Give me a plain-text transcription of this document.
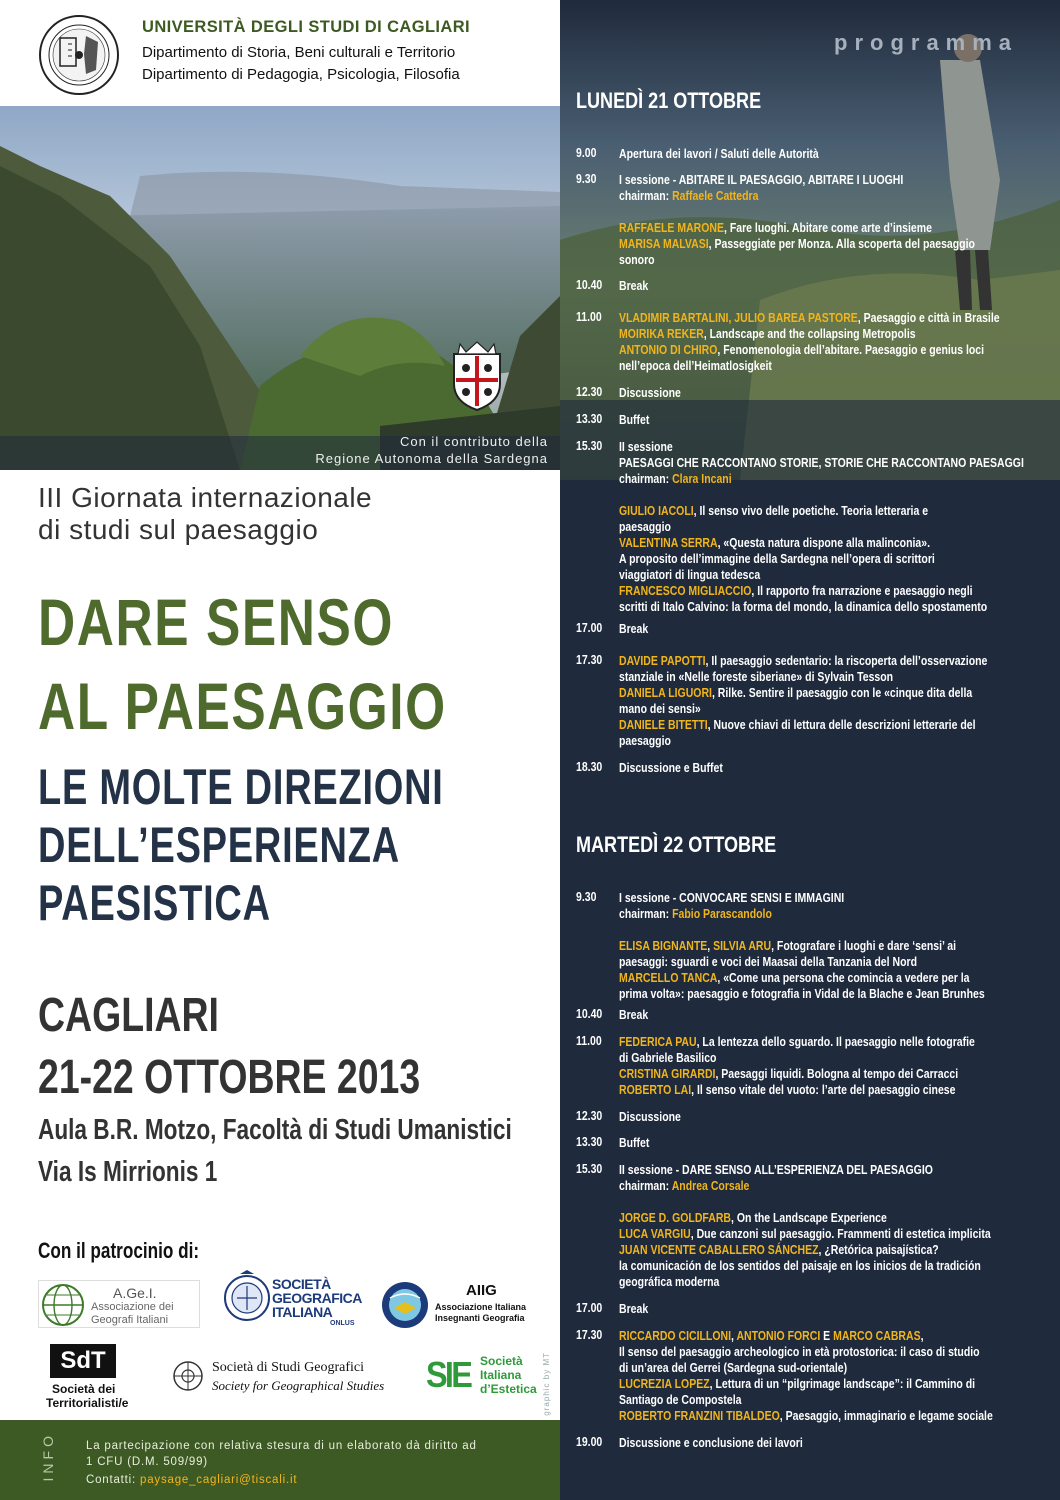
UNIVERSITÀ DEGLI STUDI DI CAGLIARI
Dipartimento di Storia, Beni culturali e Territorio
Dipartimento di Pedagogia, Psicologia, Filosofia
Con il contributo della
Regione Autonoma della Sardegna
III Giornata internazionale
di studi sul paesaggio
DARE SENSO
AL PAESAGGIO
LE MOLTE DIREZIONI
DELL’ESPERIENZA
PAESISTICA
CAGLIARI
21-22 OTTOBRE 2013
Aula B.R. Motzo, Facoltà di Studi Umanistici
Via Is Mirrionis 1
Con il patrocinio di:
A.Ge.I.
Associazione dei
Geografi Italiani
SOCIETÀ
GEOGRAFICA
ITALIANA
ONLUS
AIIG
Associazione Italiana
Insegnanti Geografia
SdT
Società dei
Territorialisti/e
Società di Studi Geografici
Society for Geographical Studies SIE Società
Italiana
d’Estetica
INFO	La partecipazione con relativa stesura di un elaborato dà diritto ad
1 CFU (D.M. 509/99)
Contatti: paysage_cagliari@tiscali.it
graphic by MT
programma
LUNEDÌ 21 OTTOBRE
MARTEDÌ 22 OTTOBRE
9.00 Apertura dei lavori / Saluti delle Autorità

9.30 I sessione - ABITARE IL PAESAGGIO, ABITARE I LUOGHI

chairman: Raffaele Cattedra

RAFFAELE MARONE, Fare luoghi. Abitare come arte d’insieme

MARISA MALVASI, Passeggiate per Monza. Alla scoperta del paesaggio

sonoro

10.40 Break

11.00 VLADIMIR BARTALINI, JULIO BAREA PASTORE, Paesaggio e città in Brasile

MOIRIKA REKER, Landscape and the collapsing Metropolis

ANTONIO DI CHIRO, Fenomenologia dell’abitare. Paesaggio e genius loci

nell’epoca dell’Heimatlosigkeit

12.30 Discussione

13.30 Buffet

15.30 II sessione

PAESAGGI CHE RACCONTANO STORIE, STORIE CHE RACCONTANO PAESAGGI

chairman: Clara Incani

GIULIO IACOLI, Il senso vivo delle poetiche. Teoria letteraria e

paesaggio

VALENTINA SERRA, «Questa natura dispone alla malinconia».

A proposito dell’immagine della Sardegna nell’opera di scrittori

viaggiatori di lingua tedesca

FRANCESCO MIGLIACCIO, Il rapporto fra narrazione e paesaggio negli

scritti di Italo Calvino: la forma del mondo, la dinamica dello spostamento

17.00 Break

17.30 DAVIDE PAPOTTI, Il paesaggio sedentario: la riscoperta dell’osservazione

stanziale in «Nelle foreste siberiane» di Sylvain Tesson

DANIELA LIGUORI, Rilke. Sentire il paesaggio con le «cinque dita della

mano dei sensi»

DANIELE BITETTI, Nuove chiavi di lettura delle descrizioni letterarie del

paesaggio

18.30 Discussione e Buffet

9.30 I sessione - CONVOCARE SENSI E IMMAGINI

chairman: Fabio Parascandolo

ELISA BIGNANTE, SILVIA ARU, Fotografare i luoghi e dare ‘sensi’ ai

paesaggi: sguardi e voci dei Maasai della Tanzania del Nord

MARCELLO TANCA, «Come una persona che comincia a vedere per la

prima volta»: paesaggio e fotografia in Vidal de la Blache e Jean Brunhes

10.40 Break

11.00 FEDERICA PAU, La lentezza dello sguardo. Il paesaggio nelle fotografie

di Gabriele Basilico

CRISTINA GIRARDI, Paesaggi liquidi. Bologna al tempo dei Carracci

ROBERTO LAI, Il senso vitale del vuoto: l’arte del paesaggio cinese

12.30 Discussione

13.30 Buffet

15.30 II sessione - DARE SENSO ALL’ESPERIENZA DEL PAESAGGIO

chairman: Andrea Corsale

JORGE D. GOLDFARB, On the Landscape Experience

LUCA VARGIU, Due canzoni sul paesaggio. Frammenti di estetica implicita

JUAN VICENTE CABALLERO SÁNCHEZ, ¿Retórica paisajística?

la comunicación de los sentidos del paisaje en los inicios de la tradición

geográfica moderna

17.00 Break

17.30 RICCARDO CICILLONI, ANTONIO FORCI E MARCO CABRAS,

Il senso del paesaggio archeologico in età protostorica: il caso di studio

di un’area del Gerrei (Sardegna sud-orientale)

LUCREZIA LOPEZ, Lettura di un “pilgrimage landscape”: il Cammino di

Santiago de Compostela

ROBERTO FRANZINI TIBALDEO, Paesaggio, immaginario e legame sociale

19.00 Discussione e conclusione dei lavori
